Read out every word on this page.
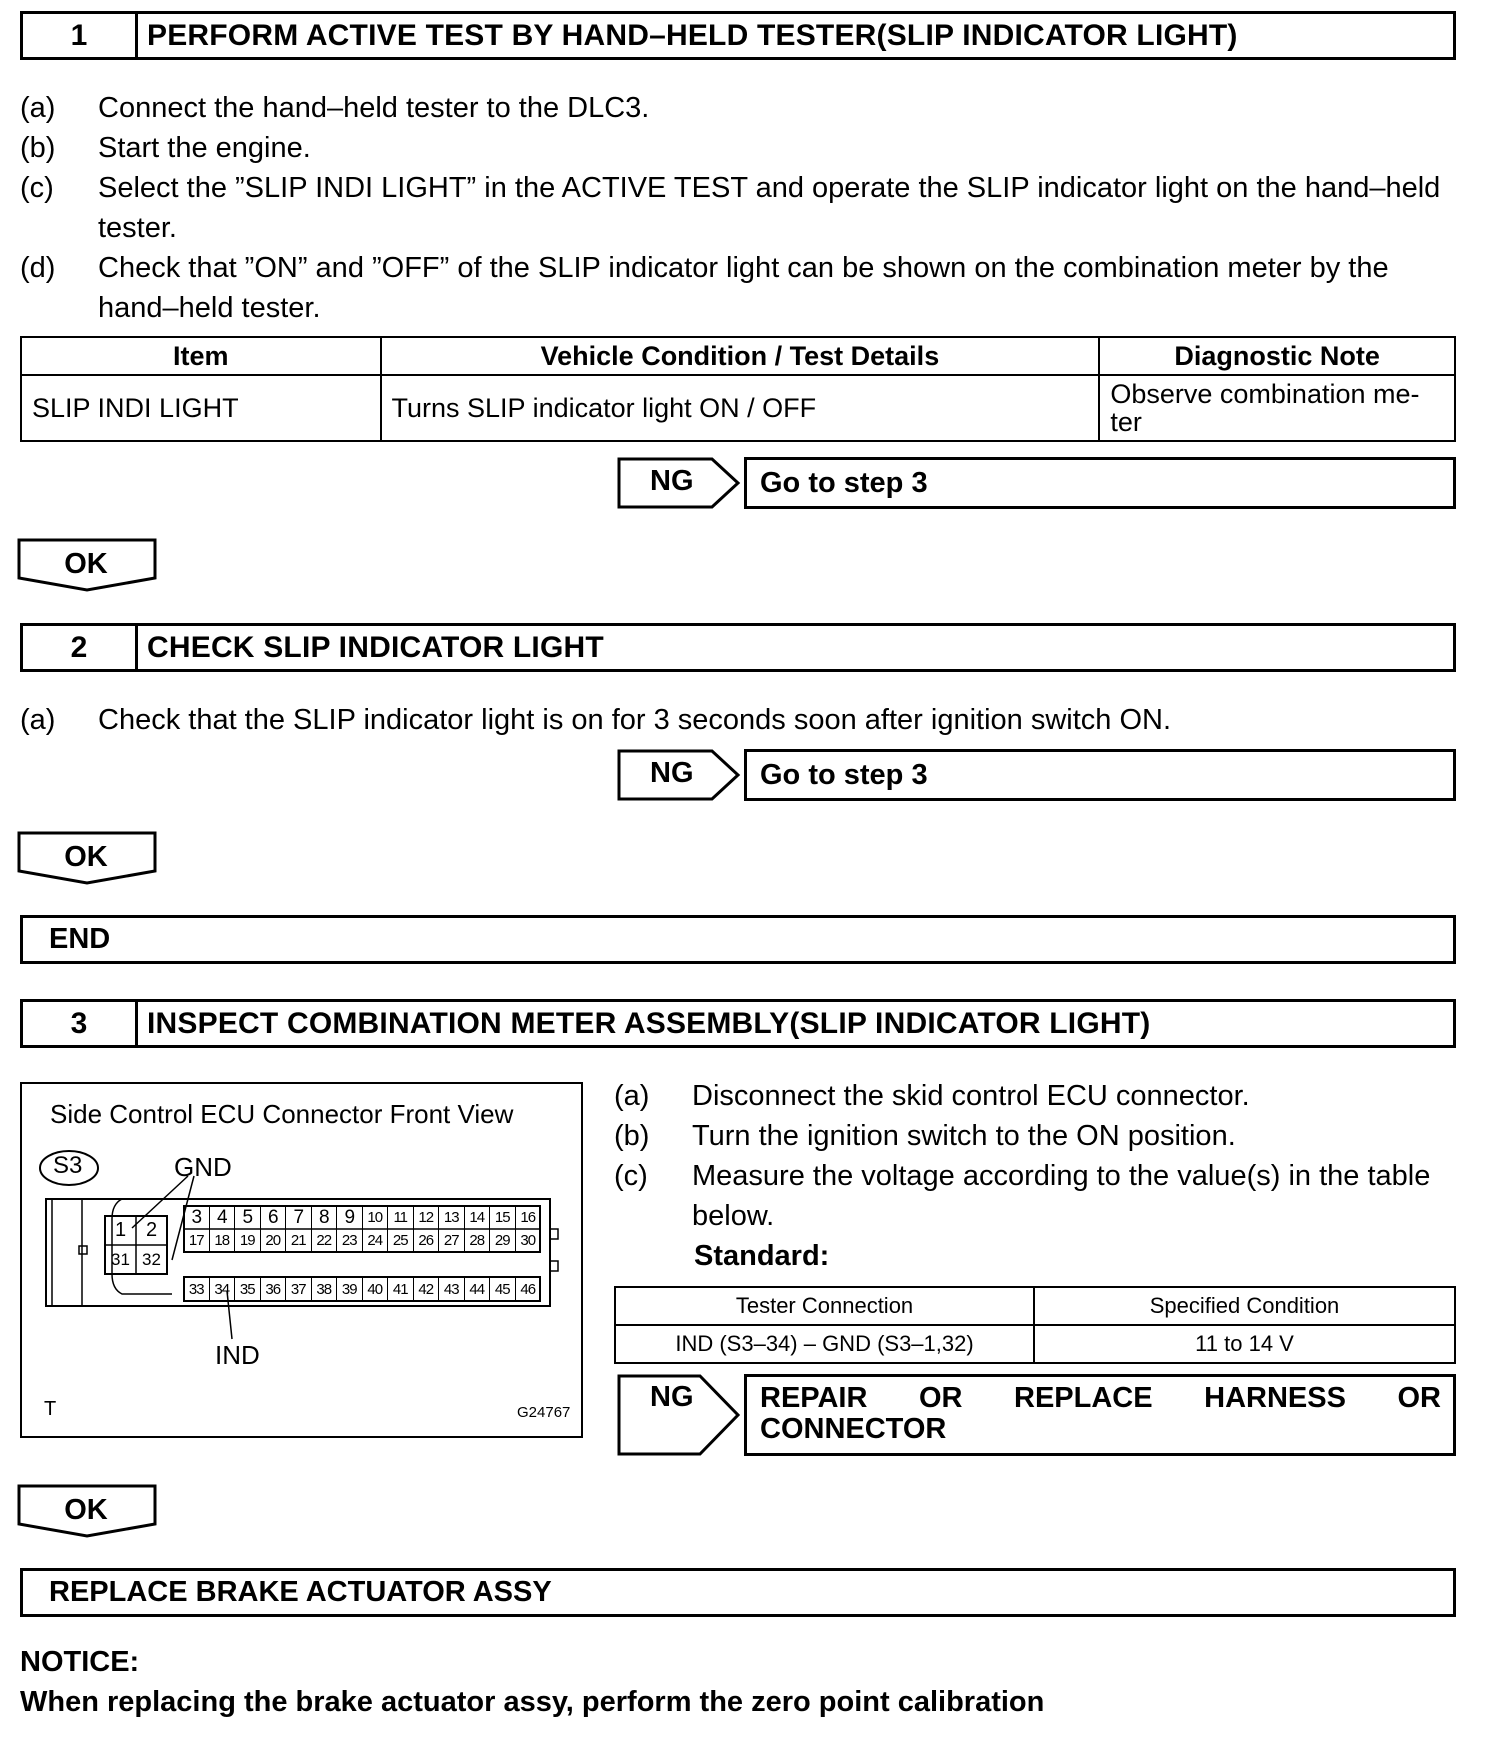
1	PERFORM ACTIVE TEST BY HAND–HELD TESTER(SLIP INDICATOR LIGHT)
(a)	Connect the hand–held tester to the DLC3.
(b)	Start the engine.
(c)	Select the ”SLIP INDI LIGHT” in the ACTIVE TEST and operate the SLIP indicator light on the hand–held tester.
(d)	Check that ”ON” and ”OFF” of the SLIP indicator light can be shown on the combination meter by the hand–held tester.
Item	Vehicle Condition / Test Details	Diagnostic Note
SLIP INDI LIGHT	Turns SLIP indicator light ON / OFF	Observe combination me-ter
NG	Go to step 3
OK
2	CHECK SLIP INDICATOR LIGHT
(a)	Check that the SLIP indicator light is on for 3 seconds soon after ignition switch ON.
NG	Go to step 3
OK
END
3	INSPECT COMBINATION METER ASSEMBLY(SLIP INDICATOR LIGHT)
Side Control ECU Connector Front View
S3	GND
IND
T	G24767
1 2
31 32
3 4 5 6 7 8 9 10 11 12 13 14 15 16
17 18 19 20 21 22 23 24 25 26 27 28 29 30
33 34 35 36 37 38 39 40 41 42 43 44 45 46
(a)	Disconnect the skid control ECU connector.
(b)	Turn the ignition switch to the ON position.
(c)	Measure the voltage according to the value(s) in the table below.
Standard:
Tester Connection	Specified Condition
IND (S3–34) – GND (S3–1,32)	11 to 14 V
NG REPAIR OR REPLACE HARNESS OR
CONNECTOR
OK
REPLACE BRAKE ACTUATOR ASSY
NOTICE:
When replacing the brake actuator assy, perform the zero point calibration
